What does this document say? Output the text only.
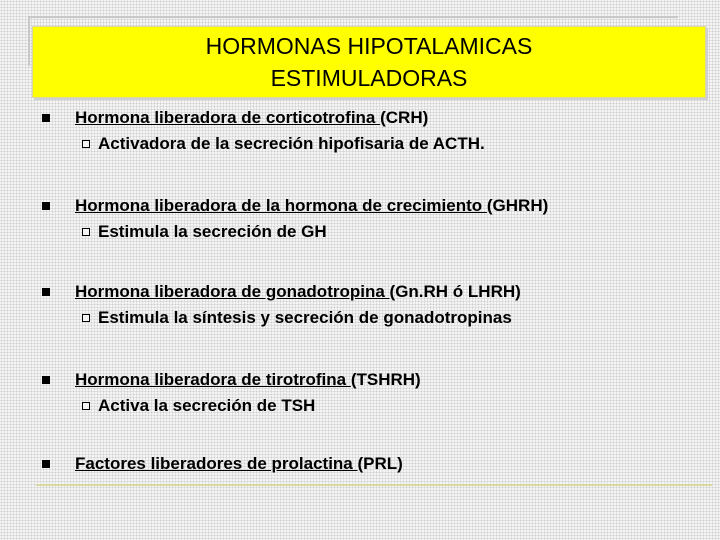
HORMONAS HIPOTALAMICAS
ESTIMULADORAS
Hormona liberadora de corticotrofina (CRH)
Activadora de la secreción hipofisaria de ACTH.
Hormona liberadora de la hormona de crecimiento (GHRH)
Estimula la secreción de GH
Hormona liberadora de gonadotropina (Gn.RH ó LHRH)
Estimula la síntesis y secreción de gonadotropinas
Hormona liberadora de tirotrofina (TSHRH)
Activa la secreción de TSH
Factores liberadores de prolactina (PRL)
